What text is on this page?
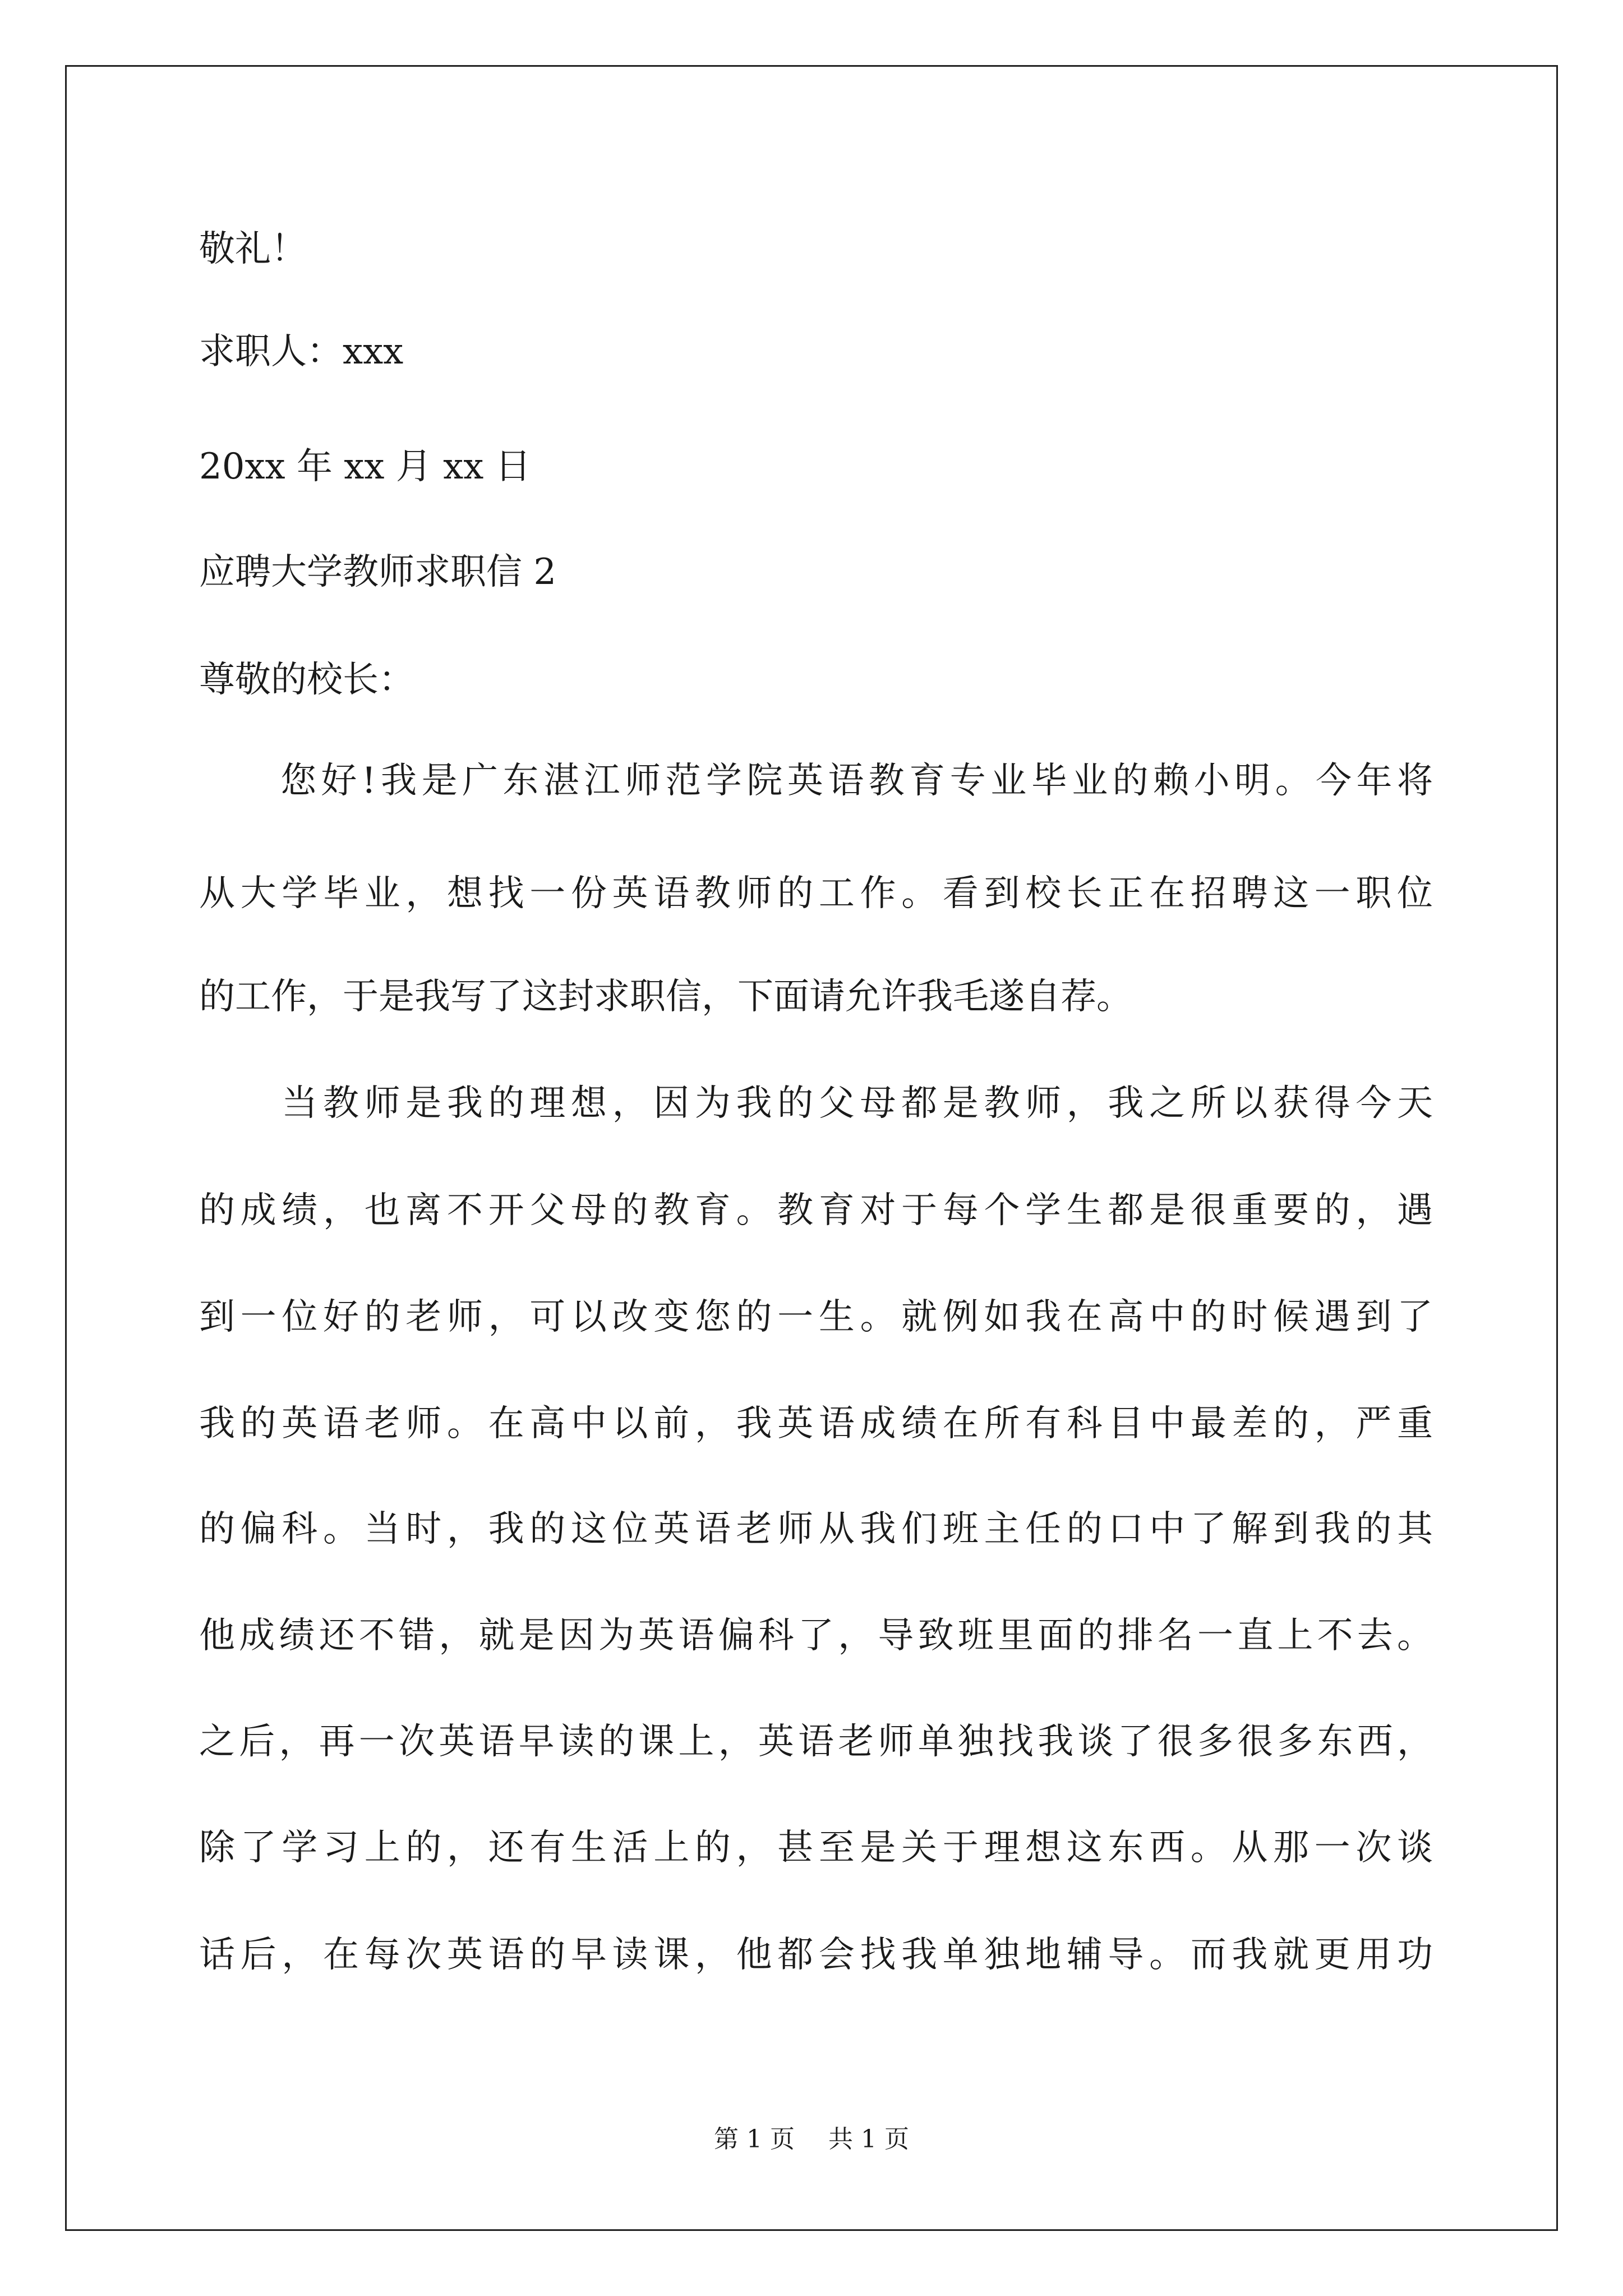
敬礼！
求职人：xxx
20xx 年 xx 月 xx 日
应聘大学教师求职信 2
尊敬的校长：
　　您好!我是广东湛江师范学院英语教育专业毕业的赖小明。今年将
从大学毕业，想找一份英语教师的工作。看到校长正在招聘这一职位
的工作，于是我写了这封求职信，下面请允许我毛遂自荐。
　　当教师是我的理想，因为我的父母都是教师，我之所以获得今天
的成绩，也离不开父母的教育。教育对于每个学生都是很重要的，遇
到一位好的老师，可以改变您的一生。就例如我在高中的时候遇到了
我的英语老师。在高中以前，我英语成绩在所有科目中最差的，严重
的偏科。当时，我的这位英语老师从我们班主任的口中了解到我的其
他成绩还不错，就是因为英语偏科了，导致班里面的排名一直上不去。
之后，再一次英语早读的课上，英语老师单独找我谈了很多很多东西，
除了学习上的，还有生活上的，甚至是关于理想这东西。从那一次谈
话后，在每次英语的早读课，他都会找我单独地辅导。而我就更用功
第 1 页 共 1 页
